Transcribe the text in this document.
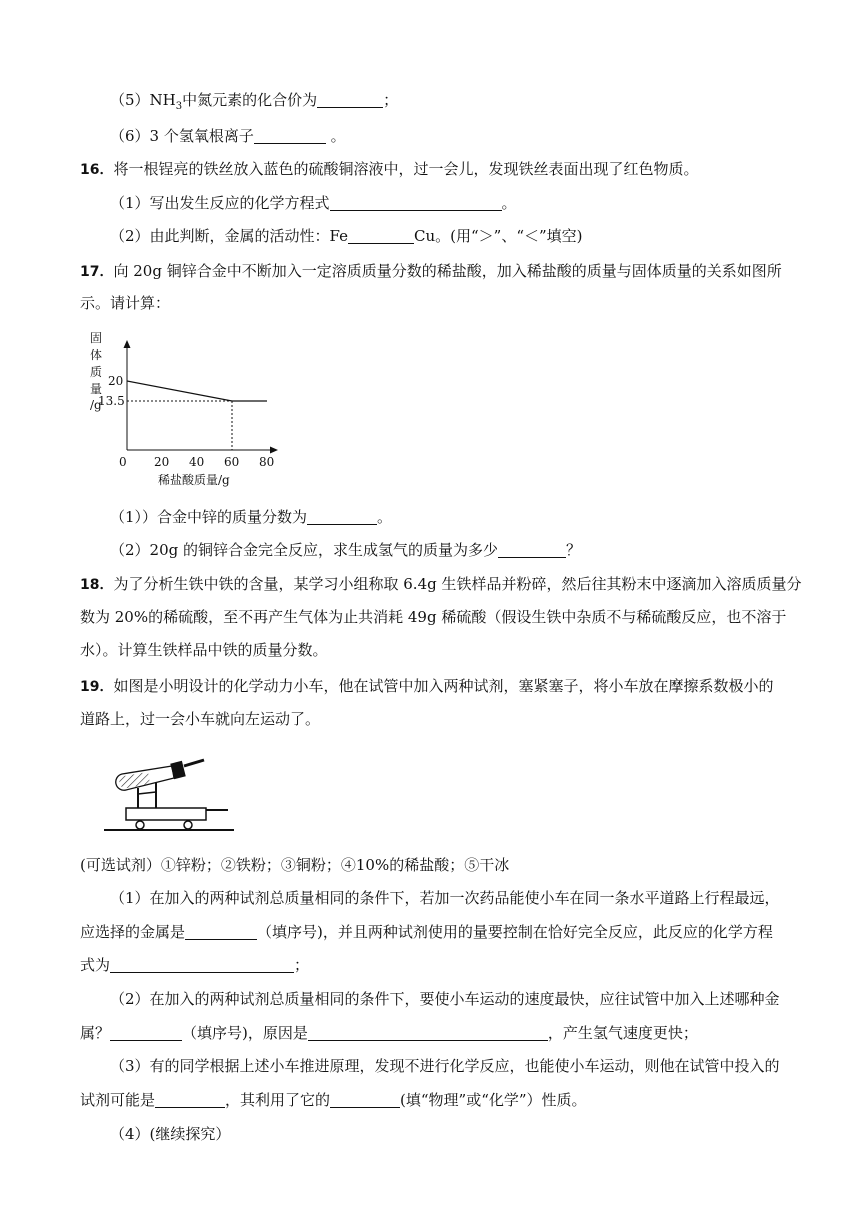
$(5)NH_3$中氮元素的化合价为	；
（6）3 个氢氧根离子	。
16．将一根锃亮的铁丝放入蓝色的硫酸铜溶液中，过一会儿，发现铁丝表面出现了红色物质。
（1）写出发生反应的化学方程式	。
（2）由此判断，金属的活动性：Fe	Cu。(用“＞”、“＜”填空)
17．向 20g 铜锌合金中不断加入一定溶质质量分数的稀盐酸，加入稀盐酸的质量与固体质量的关系如图所
示。请计算：
固
体
质
量
/g
0 20 40 60 80
20
13.5
稀盐酸质量/g
（1））合金中锌的质量分数为	。
（2）20g 的铜锌合金完全反应，求生成氢气的质量为多少	？
18．为了分析生铁中铁的含量，某学习小组称取 6.4g 生铁样品并粉碎，然后往其粉末中逐滴加入溶质质量分
数为 20%的稀硫酸，至不再产生气体为止共消耗 49g 稀硫酸（假设生铁中杂质不与稀硫酸反应，也不溶于
水）。计算生铁样品中铁的质量分数。
19．如图是小明设计的化学动力小车，他在试管中加入两种试剂，塞紧塞子，将小车放在摩擦系数极小的
道路上，过一会小车就向左运动了。
(可选试剂）①锌粉；②铁粉；③铜粉；④10%的稀盐酸；⑤干冰
（1）在加入的两种试剂总质量相同的条件下，若加一次药品能使小车在同一条水平道路上行程最远，
应选择的金属是	（填序号)，并且两种试剂使用的量要控制在恰好完全反应，此反应的化学方程
式为	；
（2）在加入的两种试剂总质量相同的条件下，要使小车运动的速度最快，应往试管中加入上述哪种金
属？	（填序号)，原因是	，产生氢气速度更快；
（3）有的同学根据上述小车推进原理，发现不进行化学反应，也能使小车运动，则他在试管中投入的
试剂可能是	，其利用了它的	(填“物理”或“化学”）性质。
（4）(继续探究）
